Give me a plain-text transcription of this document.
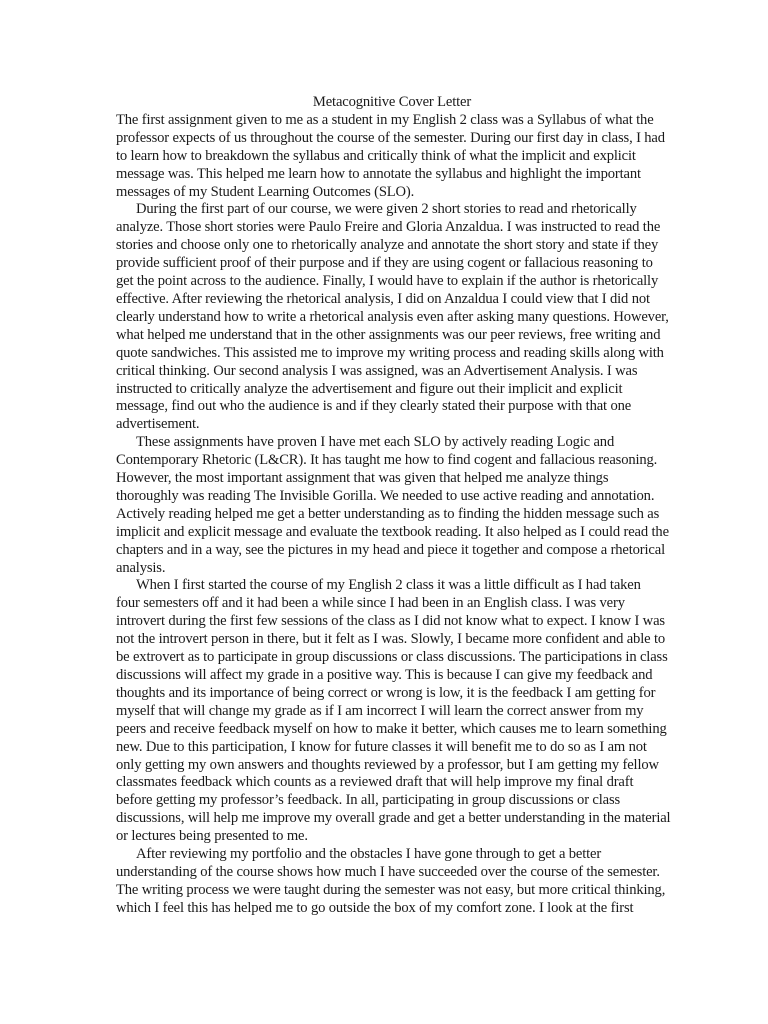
Metacognitive Cover Letter
The first assignment given to me as a student in my English 2 class was a Syllabus of what the
professor expects of us throughout the course of the semester. During our first day in class, I had
to learn how to breakdown the syllabus and critically think of what the implicit and explicit
message was. This helped me learn how to annotate the syllabus and highlight the important
messages of my Student Learning Outcomes (SLO).
During the first part of our course, we were given 2 short stories to read and rhetorically
analyze. Those short stories were Paulo Freire and Gloria Anzaldua. I was instructed to read the
stories and choose only one to rhetorically analyze and annotate the short story and state if they
provide sufficient proof of their purpose and if they are using cogent or fallacious reasoning to
get the point across to the audience. Finally, I would have to explain if the author is rhetorically
effective. After reviewing the rhetorical analysis, I did on Anzaldua I could view that I did not
clearly understand how to write a rhetorical analysis even after asking many questions. However,
what helped me understand that in the other assignments was our peer reviews, free writing and
quote sandwiches. This assisted me to improve my writing process and reading skills along with
critical thinking. Our second analysis I was assigned, was an Advertisement Analysis. I was
instructed to critically analyze the advertisement and figure out their implicit and explicit
message, find out who the audience is and if they clearly stated their purpose with that one
advertisement.
These assignments have proven I have met each SLO by actively reading Logic and
Contemporary Rhetoric (L&CR). It has taught me how to find cogent and fallacious reasoning.
However, the most important assignment that was given that helped me analyze things
thoroughly was reading The Invisible Gorilla. We needed to use active reading and annotation.
Actively reading helped me get a better understanding as to finding the hidden message such as
implicit and explicit message and evaluate the textbook reading. It also helped as I could read the
chapters and in a way, see the pictures in my head and piece it together and compose a rhetorical
analysis.
When I first started the course of my English 2 class it was a little difficult as I had taken
four semesters off and it had been a while since I had been in an English class. I was very
introvert during the first few sessions of the class as I did not know what to expect. I know I was
not the introvert person in there, but it felt as I was. Slowly, I became more confident and able to
be extrovert as to participate in group discussions or class discussions. The participations in class
discussions will affect my grade in a positive way. This is because I can give my feedback and
thoughts and its importance of being correct or wrong is low, it is the feedback I am getting for
myself that will change my grade as if I am incorrect I will learn the correct answer from my
peers and receive feedback myself on how to make it better, which causes me to learn something
new. Due to this participation, I know for future classes it will benefit me to do so as I am not
only getting my own answers and thoughts reviewed by a professor, but I am getting my fellow
classmates feedback which counts as a reviewed draft that will help improve my final draft
before getting my professor’s feedback. In all, participating in group discussions or class
discussions, will help me improve my overall grade and get a better understanding in the material
or lectures being presented to me.
After reviewing my portfolio and the obstacles I have gone through to get a better
understanding of the course shows how much I have succeeded over the course of the semester.
The writing process we were taught during the semester was not easy, but more critical thinking,
which I feel this has helped me to go outside the box of my comfort zone. I look at the first
